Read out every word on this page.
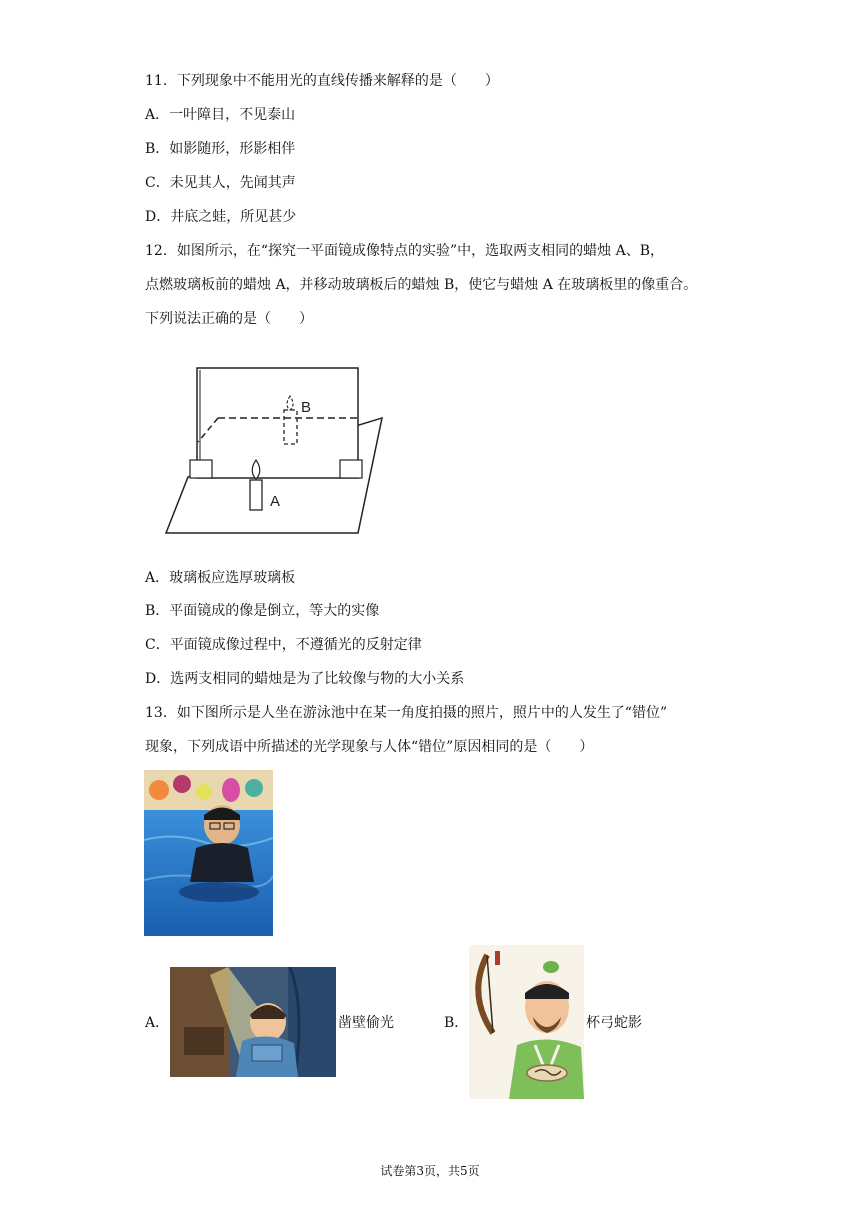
11．下列现象中不能用光的直线传播来解释的是（　　）
A．一叶障目，不见泰山
B．如影随形，形影相伴
C．未见其人，先闻其声
D．井底之蛙，所见甚少
12．如图所示，在“探究一平面镜成像特点的实验”中，选取两支相同的蜡烛 A、B，
点燃玻璃板前的蜡烛 A，并移动玻璃板后的蜡烛 B，使它与蜡烛 A 在玻璃板里的像重合。
下列说法正确的是（　　）
B
A
A．玻璃板应选厚玻璃板
B．平面镜成的像是倒立，等大的实像
C．平面镜成像过程中，不遵循光的反射定律
D．选两支相同的蜡烛是为了比较像与物的大小关系
13．如下图所示是人坐在游泳池中在某一角度拍摄的照片，照片中的人发生了“错位”
现象，下列成语中所描述的光学现象与人体“错位”原因相同的是（　　）
A．	凿壁偷光	B．	杯弓蛇影
试卷第3页，共5页
